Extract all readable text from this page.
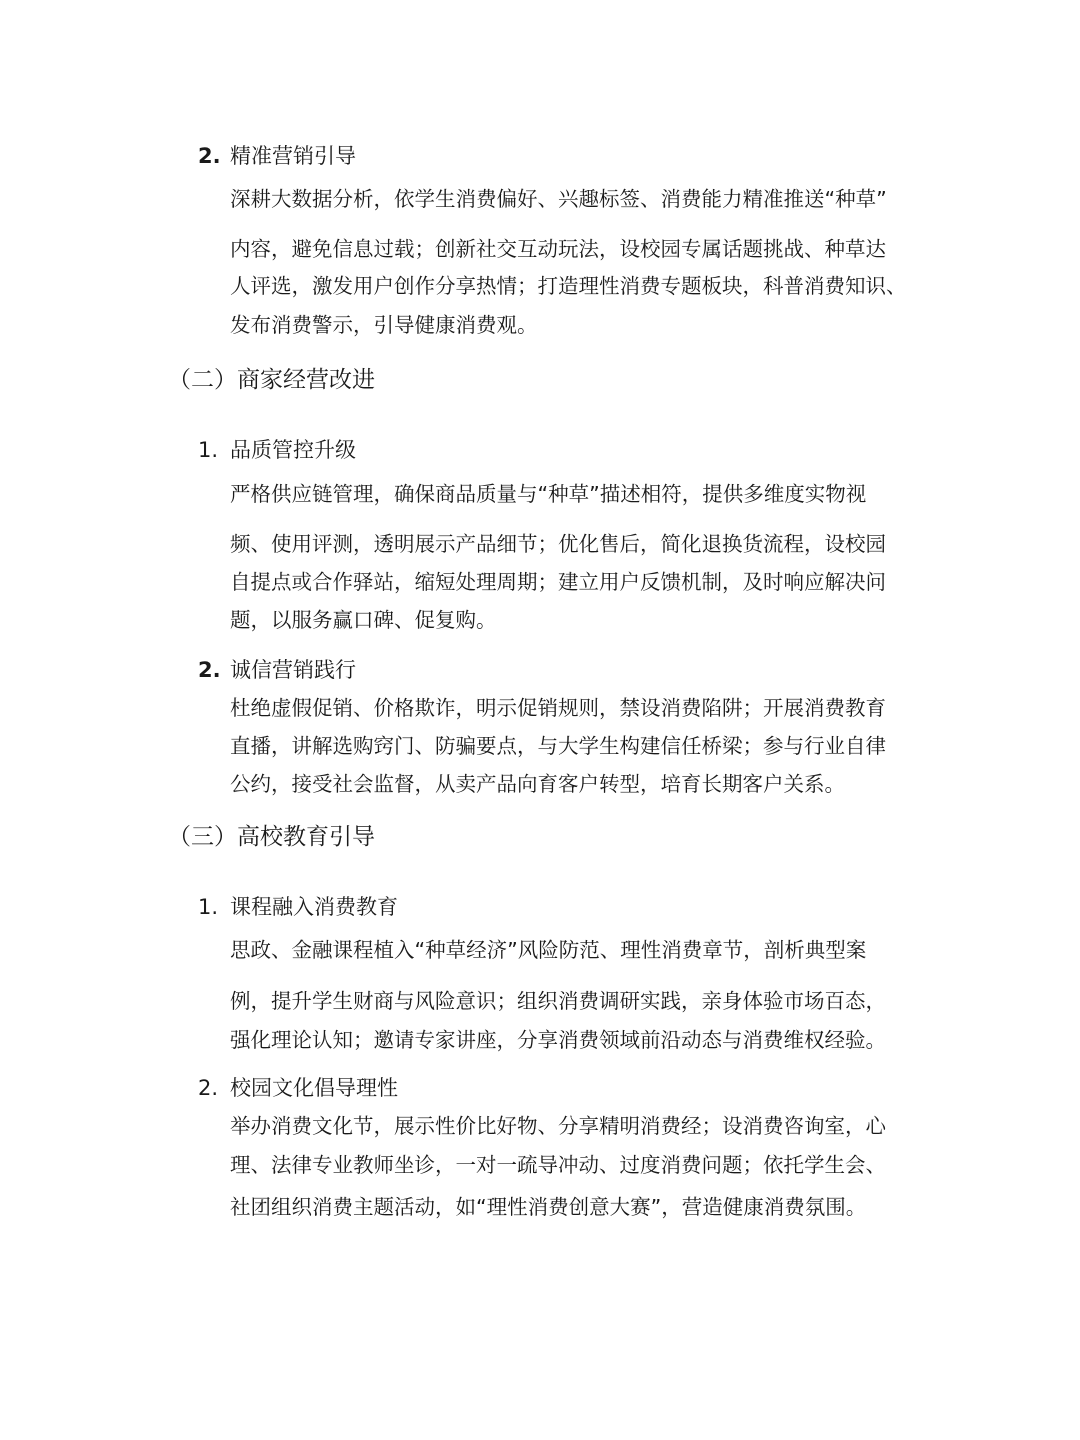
2. 精准营销引导
深耕大数据分析，依学生消费偏好、兴趣标签、消费能力精准推送“种草”
内容，避免信息过载；创新社交互动玩法，设校园专属话题挑战、种草达
人评选，激发用户创作分享热情；打造理性消费专题板块，科普消费知识、
发布消费警示，引导健康消费观。
（二）商家经营改进
1. 品质管控升级
严格供应链管理，确保商品质量与“种草”描述相符，提供多维度实物视
频、使用评测，透明展示产品细节；优化售后，简化退换货流程，设校园
自提点或合作驿站，缩短处理周期；建立用户反馈机制，及时响应解决问
题，以服务赢口碑、促复购。
2. 诚信营销践行
杜绝虚假促销、价格欺诈，明示促销规则，禁设消费陷阱；开展消费教育
直播，讲解选购窍门、防骗要点，与大学生构建信任桥梁；参与行业自律
公约，接受社会监督，从卖产品向育客户转型，培育长期客户关系。
（三）高校教育引导
1. 课程融入消费教育
思政、金融课程植入“种草经济”风险防范、理性消费章节，剖析典型案
例，提升学生财商与风险意识；组织消费调研实践，亲身体验市场百态，
强化理论认知；邀请专家讲座，分享消费领域前沿动态与消费维权经验。
2. 校园文化倡导理性
举办消费文化节，展示性价比好物、分享精明消费经；设消费咨询室，心
理、法律专业教师坐诊，一对一疏导冲动、过度消费问题；依托学生会、
社团组织消费主题活动，如“理性消费创意大赛”，营造健康消费氛围。
